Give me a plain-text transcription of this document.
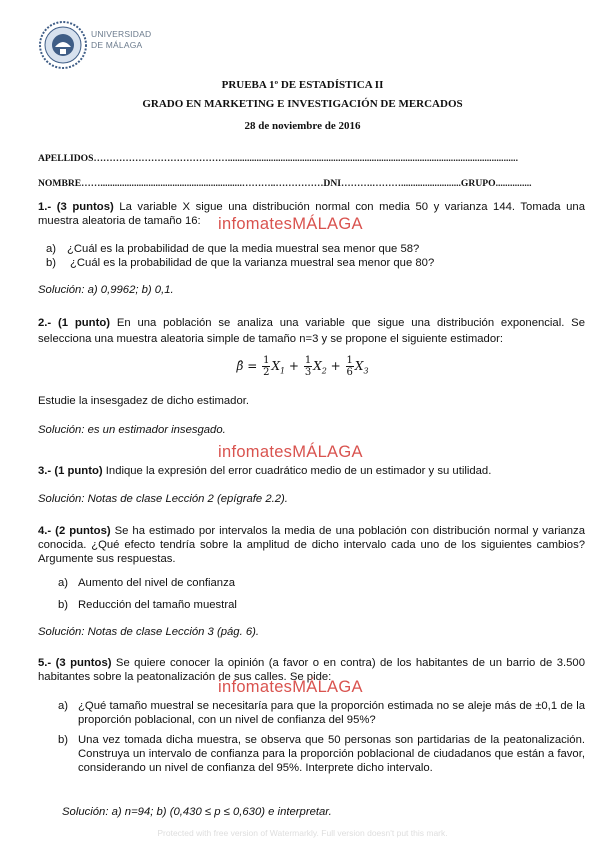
UNIVERSIDAD
DE MÁLAGA
PRUEBA 1º DE ESTADÍSTICA II
GRADO EN MARKETING E INVESTIGACIÓN DE MERCADOS
28 de noviembre de 2016
APELLIDOS…………………………………….........................................................................................................................
NOMBRE……...........................................................………..……………DNI……….……….........................GRUPO...............
1.- (3 puntos) La variable X sigue una distribución normal con media 50 y varianza 144. Tomada una muestra aleatoria de tamaño 16:	infomatesMÁLAGA
a) ¿Cuál es la probabilidad de que la media muestral sea menor que 58?
b) ¿Cuál es la probabilidad de que la varianza muestral sea menor que 80?
Solución: a) 0,9962; b) 0,1.
2.- (1 punto) En una población se analiza una variable que sigue una distribución exponencial. Se selecciona una muestra aleatoria simple de tamaño n=3 y se propone el siguiente estimador:
β̂ = $\frac{1}{2} X_1 + \frac{1}{3} X_2 + \frac{1}{6} X_3$
Estudie la insesgadez de dicho estimador.
Solución: es un estimador insesgado.
infomatesMÁLAGA
3.- (1 punto) Indique la expresión del error cuadrático medio de un estimador y su utilidad.
Solución: Notas de clase Lección 2 (epígrafe 2.2).
4.- (2 puntos) Se ha estimado por intervalos la media de una población con distribución normal y varianza conocida. ¿Qué efecto tendría sobre la amplitud de dicho intervalo cada uno de los siguientes cambios? Argumente sus respuestas.
a) Aumento del nivel de confianza
b) Reducción del tamaño muestral
Solución: Notas de clase Lección 3 (pág. 6).
5.- (3 puntos) Se quiere conocer la opinión (a favor o en contra) de los habitantes de un barrio de 3.500 habitantes sobre la peatonalización de sus calles. Se pide:
infomatesMÁLAGA
a) ¿Qué tamaño muestral se necesitaría para que la proporción estimada no se aleje más de ±0,1 de la proporción poblacional, con un nivel de confianza del 95%?
b) Una vez tomada dicha muestra, se observa que 50 personas son partidarias de la peatonalización. Construya un intervalo de confianza para la proporción poblacional de ciudadanos que están a favor, considerando un nivel de confianza del 95%. Interprete dicho intervalo.
Solución: a) n=94; b) (0,430 ≤ p ≤ 0,630) e interpretar.
Protected with free version of Watermarkly. Full version doesn't put this mark.
